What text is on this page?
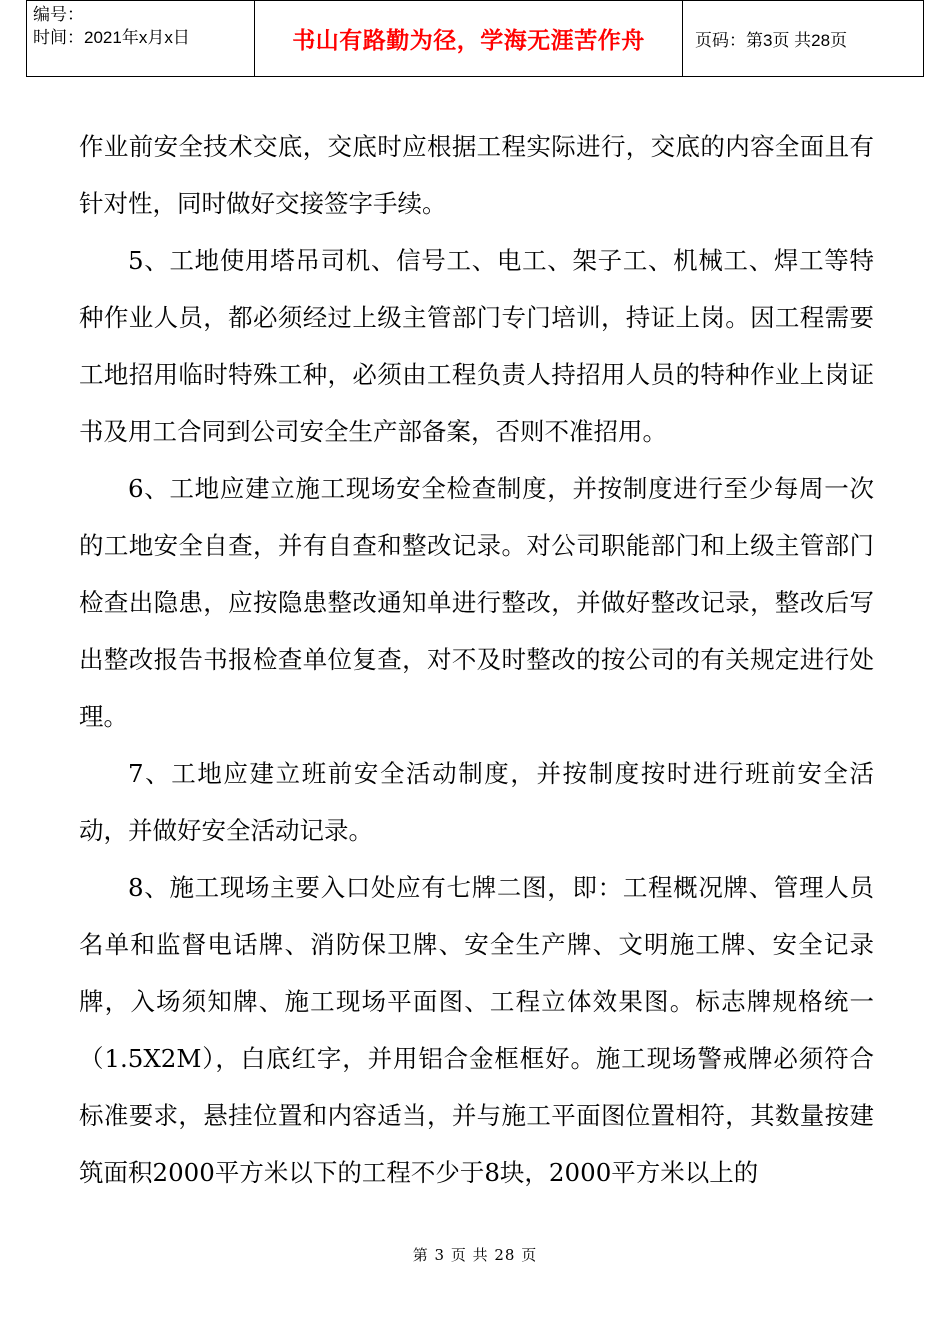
编号：
时间：2021年x月x日	书山有路勤为径，学海无涯苦作舟	页码：第3页 共28页

作业前安全技术交底，交底时应根据工程实际进行，交底的内容全面且有针对性，同时做好交接签字手续。

5、工地使用塔吊司机、信号工、电工、架子工、机械工、焊工等特种作业人员，都必须经过上级主管部门专门培训，持证上岗。因工程需要工地招用临时特殊工种，必须由工程负责人持招用人员的特种作业上岗证书及用工合同到公司安全生产部备案，否则不准招用。

6、工地应建立施工现场安全检查制度，并按制度进行至少每周一次的工地安全自查，并有自查和整改记录。对公司职能部门和上级主管部门检查出隐患，应按隐患整改通知单进行整改，并做好整改记录，整改后写出整改报告书报检查单位复查，对不及时整改的按公司的有关规定进行处理。

7、工地应建立班前安全活动制度，并按制度按时进行班前安全活动，并做好安全活动记录。

8、施工现场主要入口处应有七牌二图，即：工程概况牌、管理人员名单和监督电话牌、消防保卫牌、安全生产牌、文明施工牌、安全记录牌，入场须知牌、施工现场平面图、工程立体效果图。标志牌规格统一（1.5X2M），白底红字，并用铝合金框框好。施工现场警戒牌必须符合标准要求，悬挂位置和内容适当，并与施工平面图位置相符，其数量按建筑面积2000平方米以下的工程不少于8块，2000平方米以上的

第 3 页 共 28 页
